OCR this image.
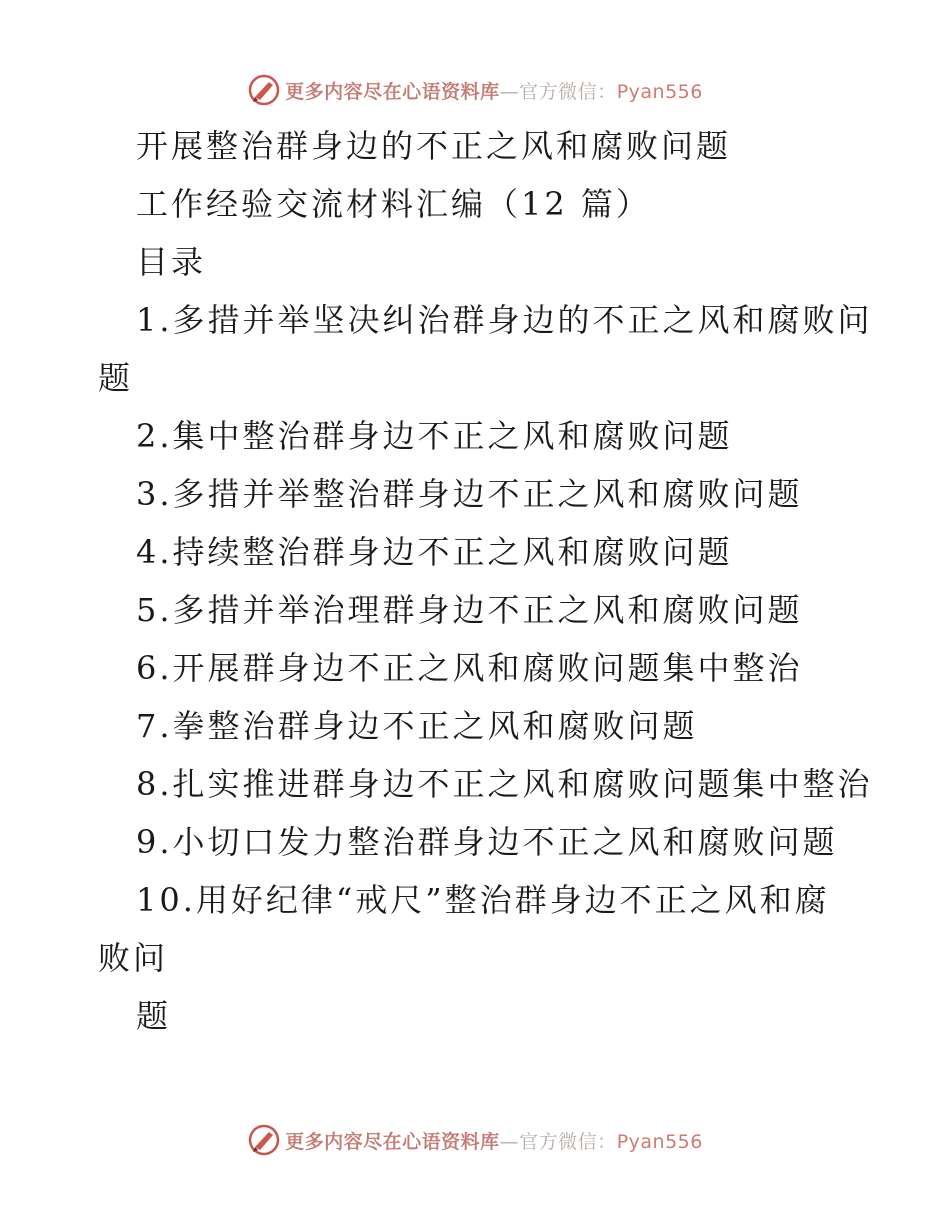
更多内容尽在心语资料库—官方微信：Pyan556
开展整治群身边的不正之风和腐败问题
工作经验交流材料汇编（12 篇）
目录
1.多措并举坚决纠治群身边的不正之风和腐败问
题
2.集中整治群身边不正之风和腐败问题
3.多措并举整治群身边不正之风和腐败问题
4.持续整治群身边不正之风和腐败问题
5.多措并举治理群身边不正之风和腐败问题
6.开展群身边不正之风和腐败问题集中整治
7.拳整治群身边不正之风和腐败问题
8.扎实推进群身边不正之风和腐败问题集中整治
9.小切口发力整治群身边不正之风和腐败问题
10.用好纪律“戒尺”整治群身边不正之风和腐
败问
题
更多内容尽在心语资料库—官方微信：Pyan556
